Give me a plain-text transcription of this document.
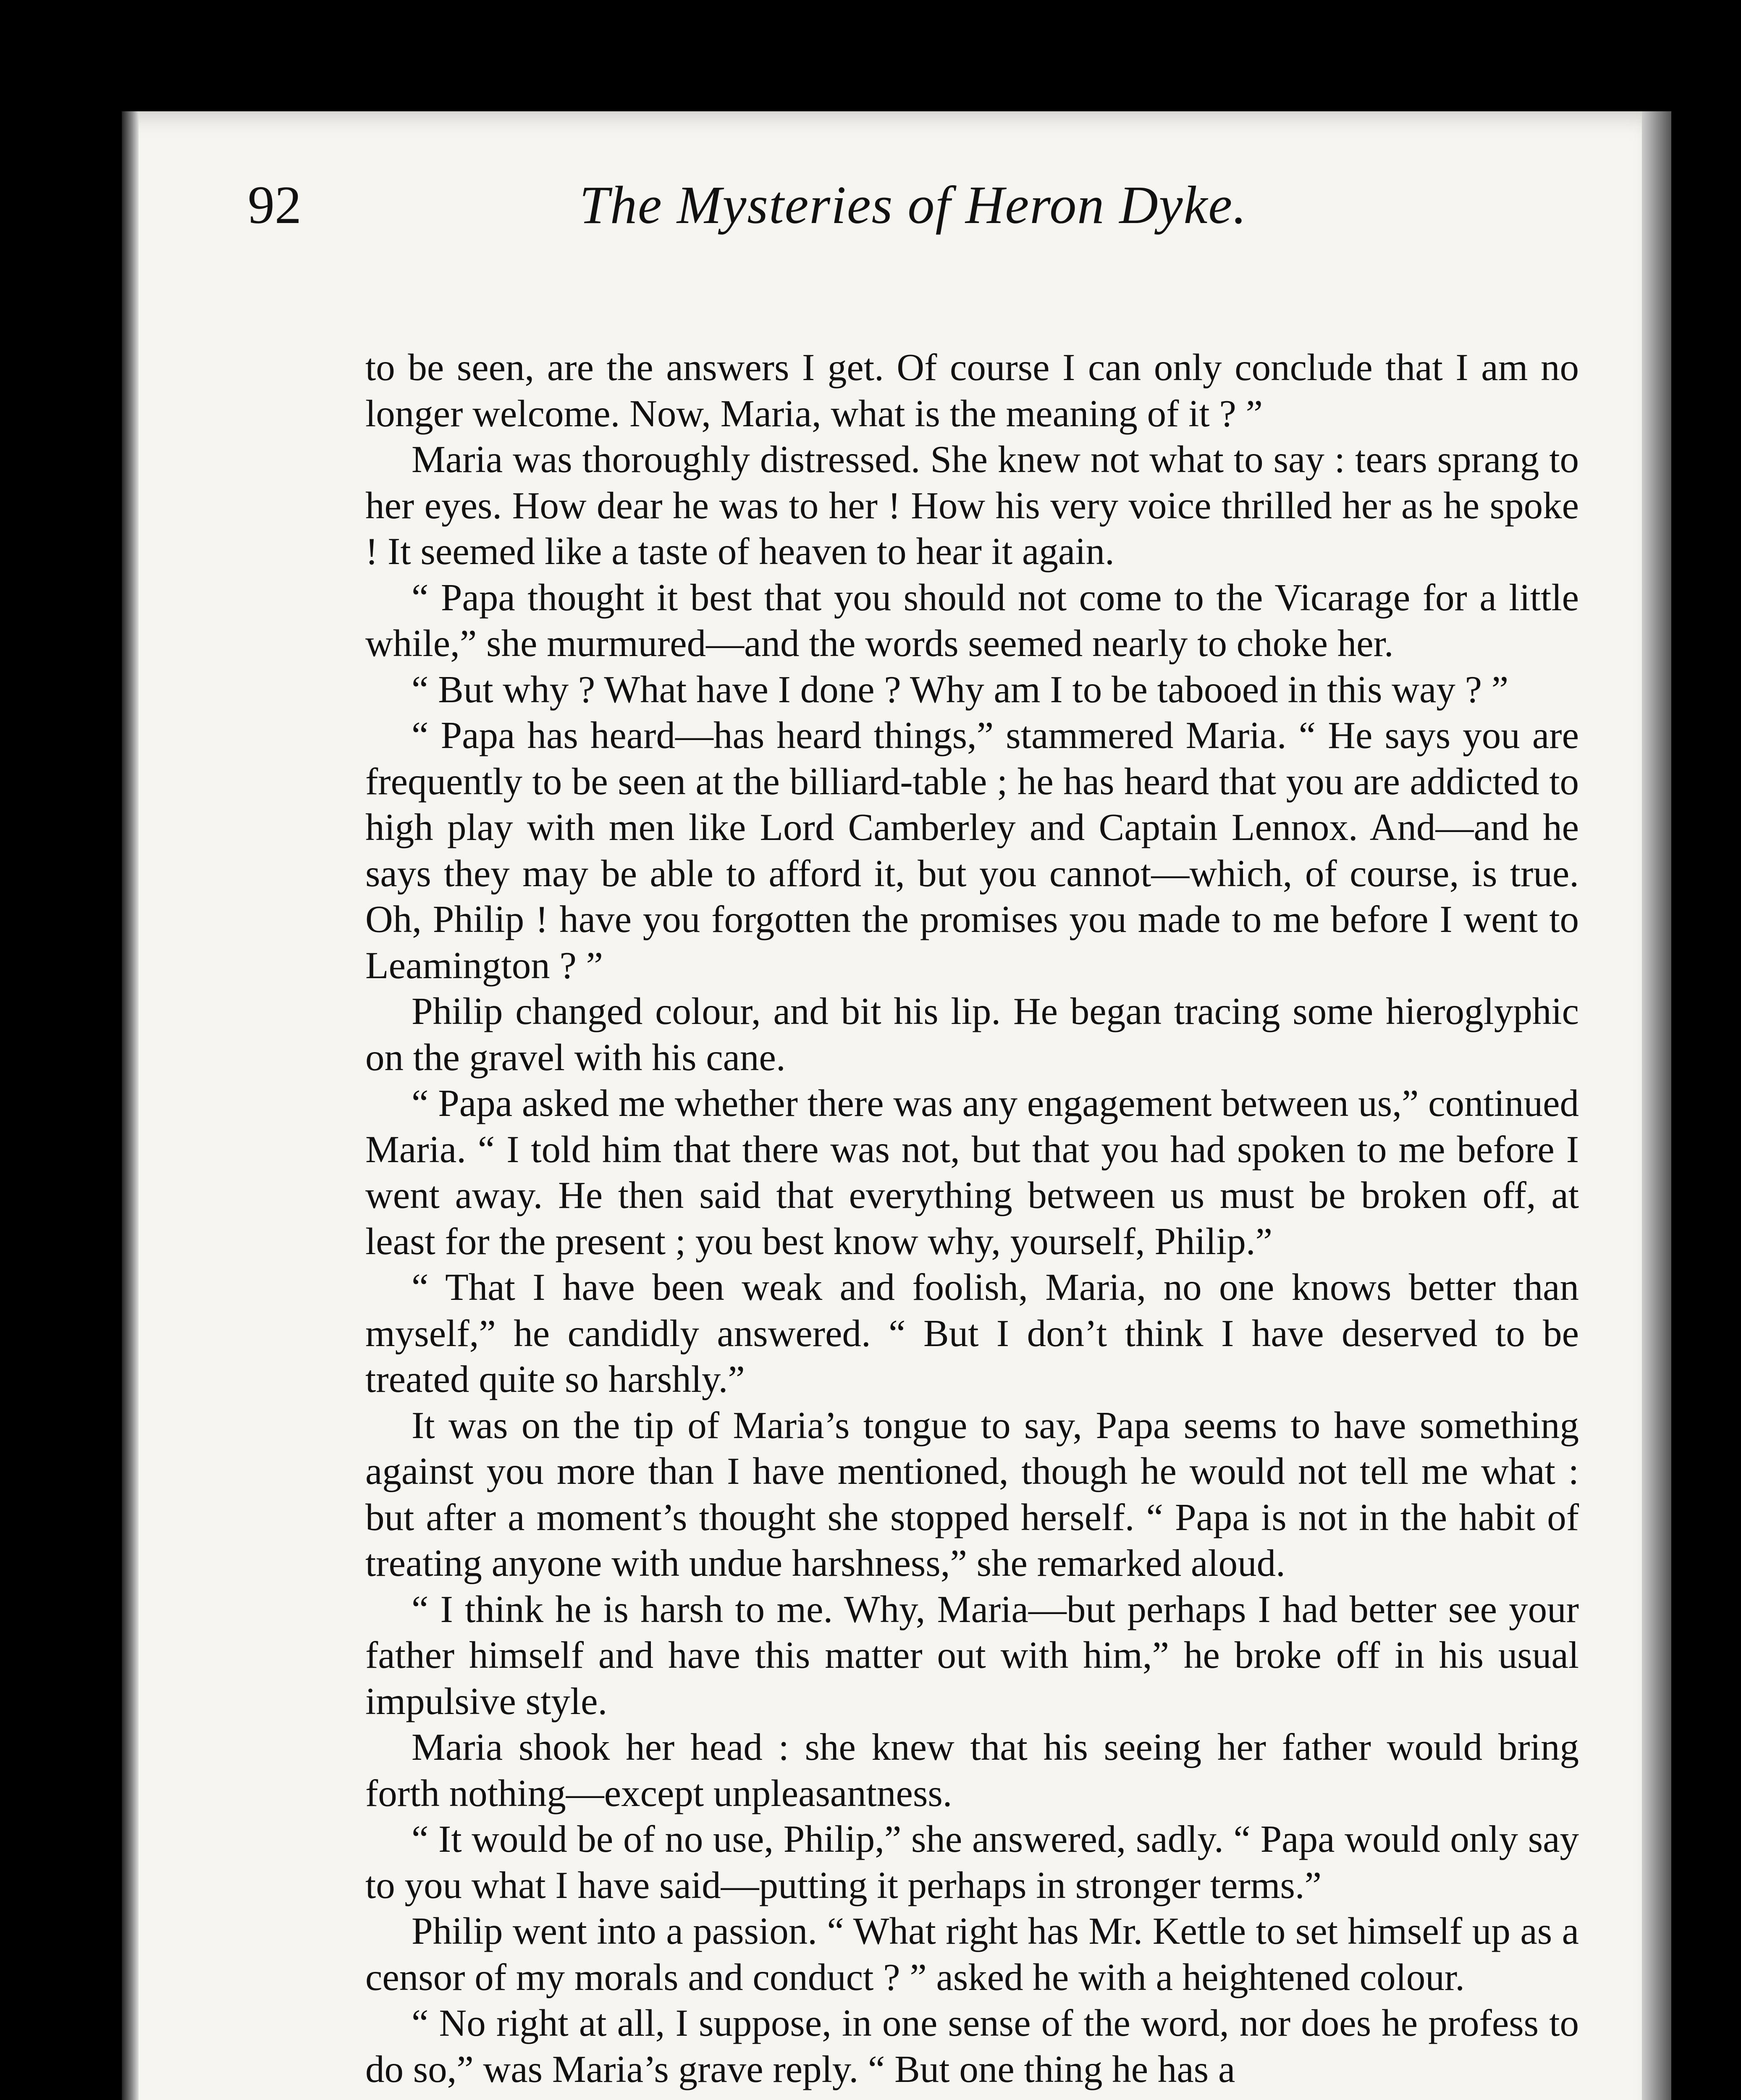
92	The Mysteries of Heron Dyke.

to be seen, are the answers I get. Of course I can only conclude that I am no longer welcome. Now, Maria, what is the meaning of it ? ”

Maria was thoroughly distressed. She knew not what to say : tears sprang to her eyes. How dear he was to her ! How his very voice thrilled her as he spoke ! It seemed like a taste of heaven to hear it again.

“ Papa thought it best that you should not come to the Vicarage for a little while,” she murmured—and the words seemed nearly to choke her.

“ But why ? What have I done ? Why am I to be tabooed in this way ? ”

“ Papa has heard—has heard things,” stammered Maria. “ He says you are frequently to be seen at the billiard-table ; he has heard that you are addicted to high play with men like Lord Camberley and Captain Lennox. And—and he says they may be able to afford it, but you cannot—which, of course, is true. Oh, Philip ! have you forgotten the promises you made to me before I went to Leamington ? ”

Philip changed colour, and bit his lip. He began tracing some hieroglyphic on the gravel with his cane.

“ Papa asked me whether there was any engagement between us,” continued Maria. “ I told him that there was not, but that you had spoken to me before I went away. He then said that everything between us must be broken off, at least for the present ; you best know why, yourself, Philip.”

“ That I have been weak and foolish, Maria, no one knows better than myself,” he candidly answered. “ But I don’t think I have deserved to be treated quite so harshly.”

It was on the tip of Maria’s tongue to say, Papa seems to have something against you more than I have mentioned, though he would not tell me what : but after a moment’s thought she stopped herself. “ Papa is not in the habit of treating anyone with undue harshness,” she remarked aloud.

“ I think he is harsh to me. Why, Maria—but perhaps I had better see your father himself and have this matter out with him,” he broke off in his usual impulsive style.

Maria shook her head : she knew that his seeing her father would bring forth nothing—except unpleasantness.

“ It would be of no use, Philip,” she answered, sadly. “ Papa would only say to you what I have said—putting it perhaps in stronger terms.”

Philip went into a passion. “ What right has Mr. Kettle to set himself up as a censor of my morals and conduct ? ” asked he with a heightened colour.

“ No right at all, I suppose, in one sense of the word, nor does he profess to do so,” was Maria’s grave reply. “ But one thing he has a
